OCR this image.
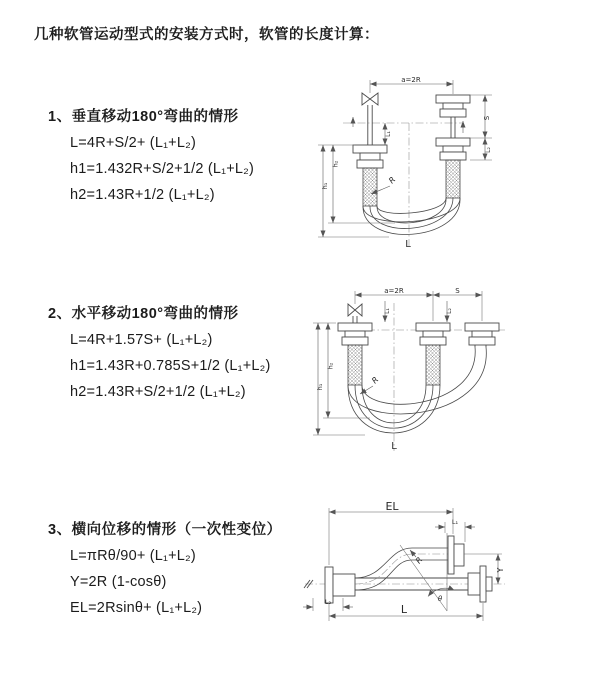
几种软管运动型式的安装方式时，软管的长度计算：
1、垂直移动180°弯曲的情形
L=4R+S/2+ (L₁+L₂)
h1=1.432R+S/2+1/2 (L₁+L₂)
h2=1.43R+1/2 (L₁+L₂)
2、水平移动180°弯曲的情形
L=4R+1.57S+ (L₁+L₂)
h1=1.43R+0.785S+1/2 (L₁+L₂)
h2=1.43R+S/2+1/2 (L₁+L₂)
3、横向位移的情形（一次性变位）
L=πRθ/90+ (L₁+L₂)
Y=2R (1-cosθ)
EL=2Rsinθ+ (L₁+L₂)
a=2R
L₁
S
L₂
h₂
h₁
R
L
a=2R	S
L₁	L₂
h₂
h₁
R
L
EL
L₁
Y
θ
R
L₂
L
